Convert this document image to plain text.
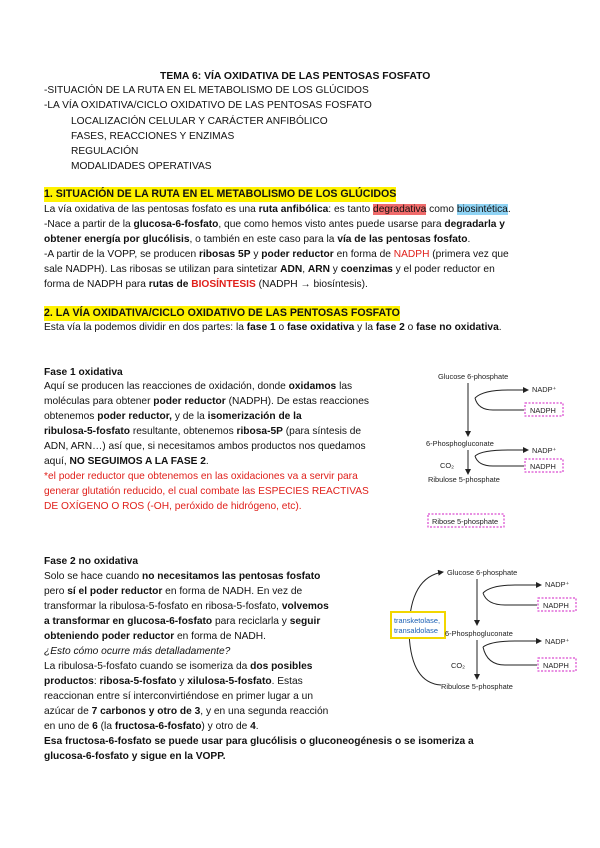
TEMA 6: VÍA OXIDATIVA DE LAS PENTOSAS FOSFATO
-SITUACIÓN DE LA RUTA EN EL METABOLISMO DE LOS GLÚCIDOS
-LA VÍA OXIDATIVA/CICLO OXIDATIVO DE LAS PENTOSAS FOSFATO
LOCALIZACIÓN CELULAR Y CARÁCTER ANFIBÓLICO
FASES, REACCIONES Y ENZIMAS
REGULACIÓN
MODALIDADES OPERATIVAS
1. SITUACIÓN DE LA RUTA EN EL METABOLISMO DE LOS GLÚCIDOS
La vía oxidativa de las pentosas fosfato es una ruta anfibólica: es tanto degradativa como biosintética.
-Nace a partir de la glucosa-6-fosfato, que como hemos visto antes puede usarse para degradarla y
obtener energía por glucólisis, o también en este caso para la vía de las pentosas fosfato.
-A partir de la VOPP, se producen ribosas 5P y poder reductor en forma de NADPH (primera vez que
sale NADPH). Las ribosas se utilizan para sintetizar ADN, ARN y coenzimas y el poder reductor en
forma de NADPH para rutas de BIOSÍNTESIS (NADPH → biosíntesis).
2. LA VÍA OXIDATIVA/CICLO OXIDATIVO DE LAS PENTOSAS FOSFATO
Esta vía la podemos dividir en dos partes: la fase 1 o fase oxidativa y la fase 2 o fase no oxidativa.
Fase 1 oxidativa
Aquí se producen las reacciones de oxidación, donde oxidamos las
moléculas para obtener poder reductor (NADPH). De estas reacciones
obtenemos poder reductor, y de la isomerización de la
ribulosa-5-fosfato resultante, obtenemos ribosa-5P (para síntesis de
ADN, ARN…) así que, si necesitamos ambos productos nos quedamos
aquí, NO SEGUIMOS A LA FASE 2.
*el poder reductor que obtenemos en las oxidaciones va a servir para
generar glutatión reducido, el cual combate las ESPECIES REACTIVAS
DE OXÍGENO O ROS (-OH, peróxido de hidrógeno, etc).
Glucose 6-phosphate
NADP⁺
NADPH
6-Phosphogluconate
NADP⁺
NADPH
CO₂
Ribulose 5-phosphate
Ribose 5-phosphate
Fase 2 no oxidativa
Solo se hace cuando no necesitamos las pentosas fosfato
pero sí el poder reductor en forma de NADH. En vez de
transformar la ribulosa-5-fosfato en ribosa-5-fosfato, volvemos
a transformar en glucosa-6-fosfato para reciclarla y seguir
obteniendo poder reductor en forma de NADH.
¿Esto cómo ocurre más detalladamente?
La ribulosa-5-fosfato cuando se isomeriza da dos posibles
productos: ribosa-5-fosfato y xilulosa-5-fosfato. Estas
reaccionan entre sí interconvirtiéndose en primer lugar a un
azúcar de 7 carbonos y otro de 3, y en una segunda reacción
en uno de 6 (la fructosa-6-fosfato) y otro de 4.
Esa fructosa-6-fosfato se puede usar para glucólisis o gluconeogénesis o se isomeriza a
glucosa-6-fosfato y sigue en la VOPP.
Glucose 6-phosphate
transketolase,
transaldolase
NADP⁺
NADPH
6-Phosphogluconate
NADP⁺
NADPH
CO₂
Ribulose 5-phosphate
